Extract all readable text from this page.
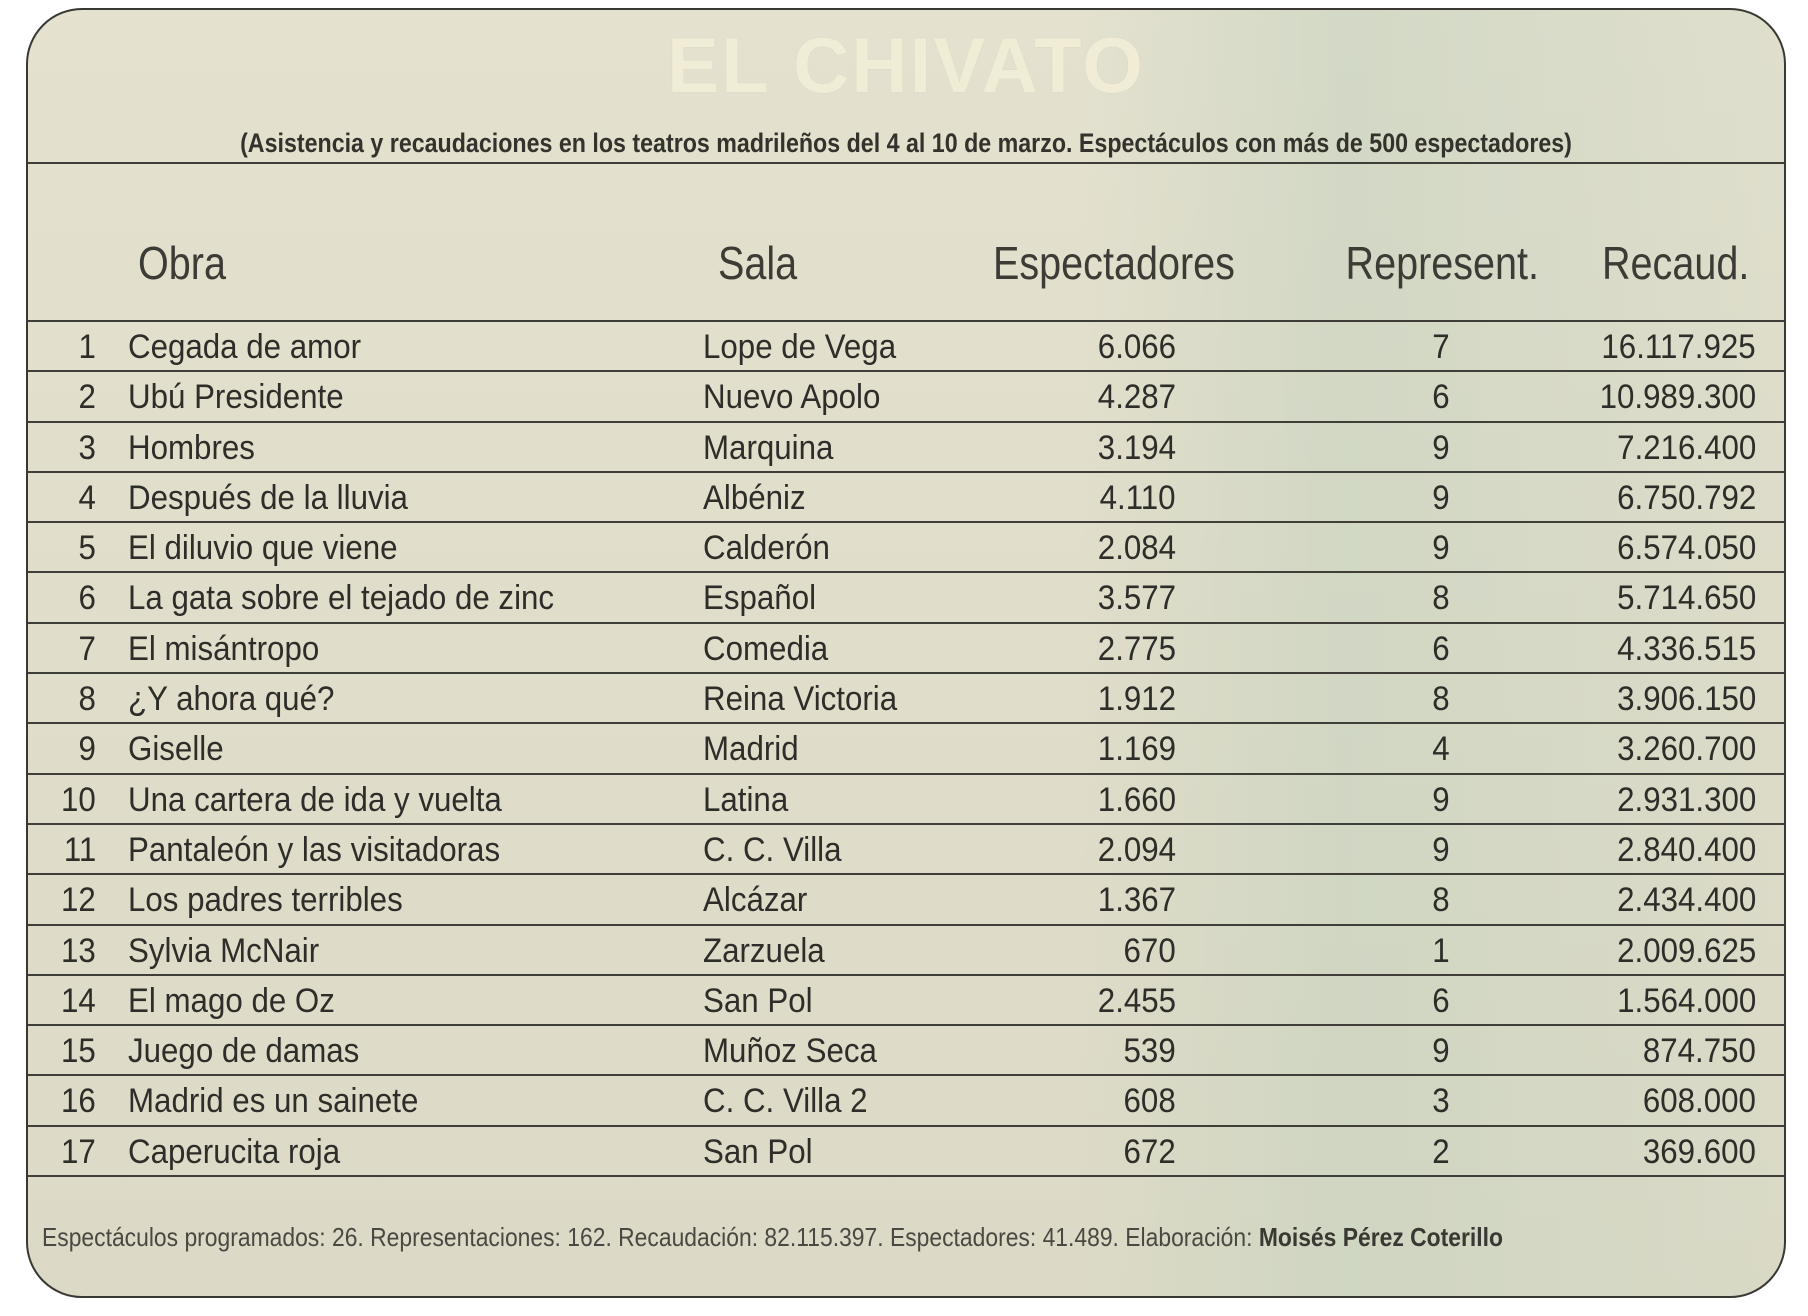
EL CHIVATO
(Asistencia y recaudaciones en los teatros madrileños del 4 al 10 de marzo. Espectáculos con más de 500 espectadores)
Obra	Sala	Espectadores Represent. Recaud.
1 Cegada de amor	Lope de Vega	6.066	7	16.117.925
2 Ubú Presidente	Nuevo Apolo	4.287	6	10.989.300
3 Hombres	Marquina	3.194	9	7.216.400
4 Después de la lluvia	Albéniz	4.110	9	6.750.792
5 El diluvio que viene	Calderón	2.084	9	6.574.050
6 La gata sobre el tejado de zinc	Español	3.577	8	5.714.650
7 El misántropo	Comedia	2.775	6	4.336.515
8 ¿Y ahora qué?	Reina Victoria	1.912	8	3.906.150
9 Giselle	Madrid	1.169	4	3.260.700
10 Una cartera de ida y vuelta	Latina	1.660	9	2.931.300
11 Pantaleón y las visitadoras	C. C. Villa	2.094	9	2.840.400
12 Los padres terribles	Alcázar	1.367	8	2.434.400
13 Sylvia McNair	Zarzuela	670	1	2.009.625
14 El mago de Oz	San Pol	2.455	6	1.564.000
15 Juego de damas	Muñoz Seca	539	9	874.750
16 Madrid es un sainete	C. C. Villa 2	608	3	608.000
17 Caperucita roja	San Pol	672	2	369.600
Espectáculos programados: 26. Representaciones: 162. Recaudación: 82.115.397. Espectadores: 41.489. Elaboración: Moisés Pérez Coterillo
